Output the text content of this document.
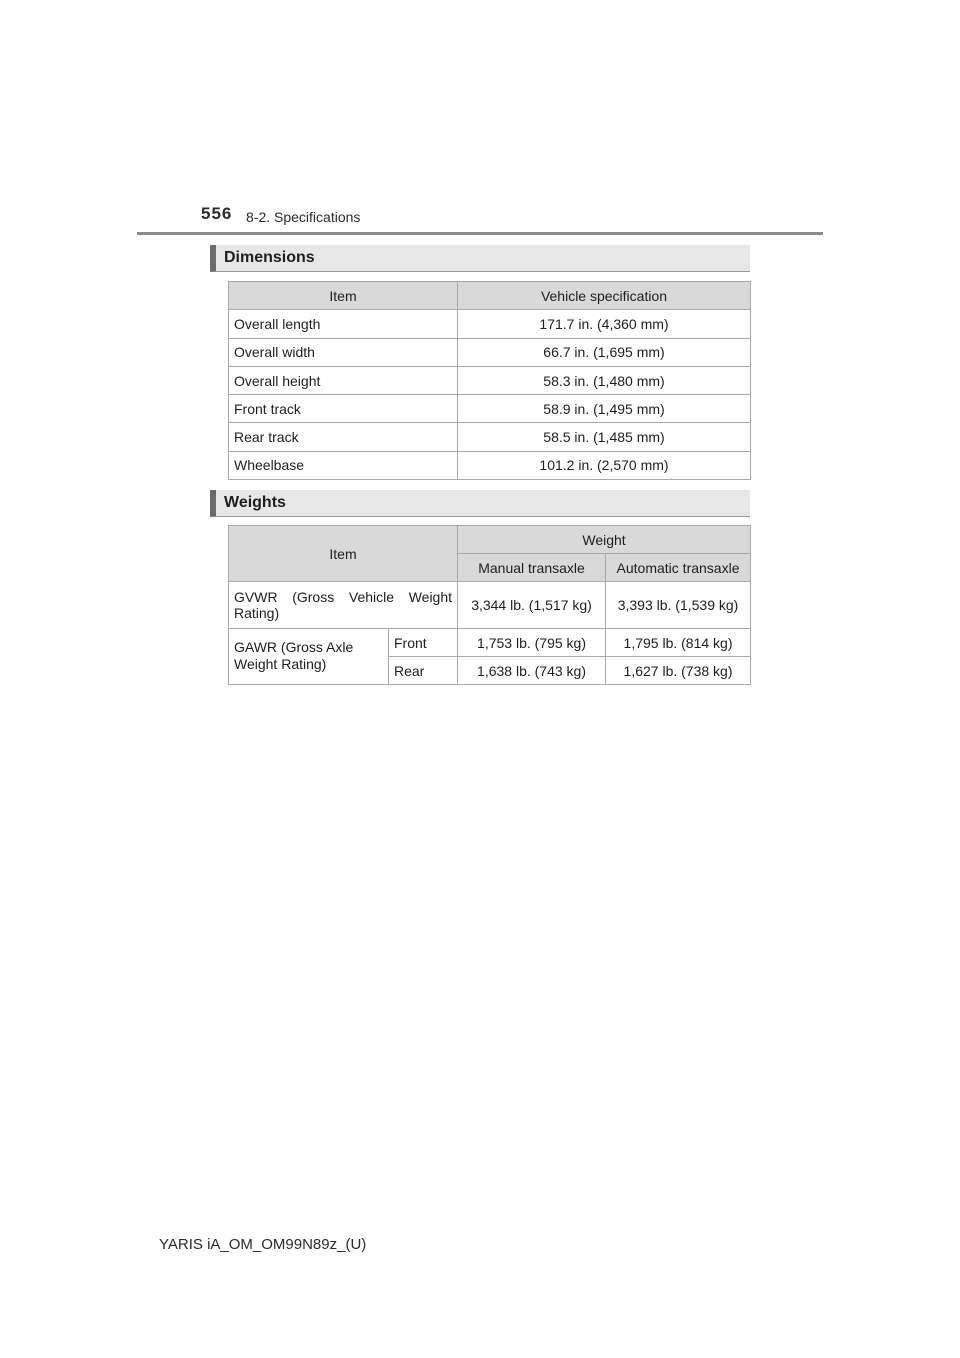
556 8-2. Specifications
Dimensions
Item	Vehicle specification
Overall length	171.7 in. (4,360 mm)
Overall width	66.7 in. (1,695 mm)
Overall height	58.3 in. (1,480 mm)
Front track	58.9 in. (1,495 mm)
Rear track	58.5 in. (1,485 mm)
Wheelbase	101.2 in. (2,570 mm)
Weights
Item		Weight	
		Manual transaxle	Automatic transaxle
GVWR (Gross Vehicle Weight Rating)		3,344 lb. (1,517 kg)	3,393 lb. (1,539 kg)
GAWR (Gross Axle Weight Rating)	Front	1,753 lb. (795 kg)	1,795 lb. (814 kg)
	Rear	1,638 lb. (743 kg)	1,627 lb. (738 kg)
YARIS iA_OM_OM99N89z_(U)
